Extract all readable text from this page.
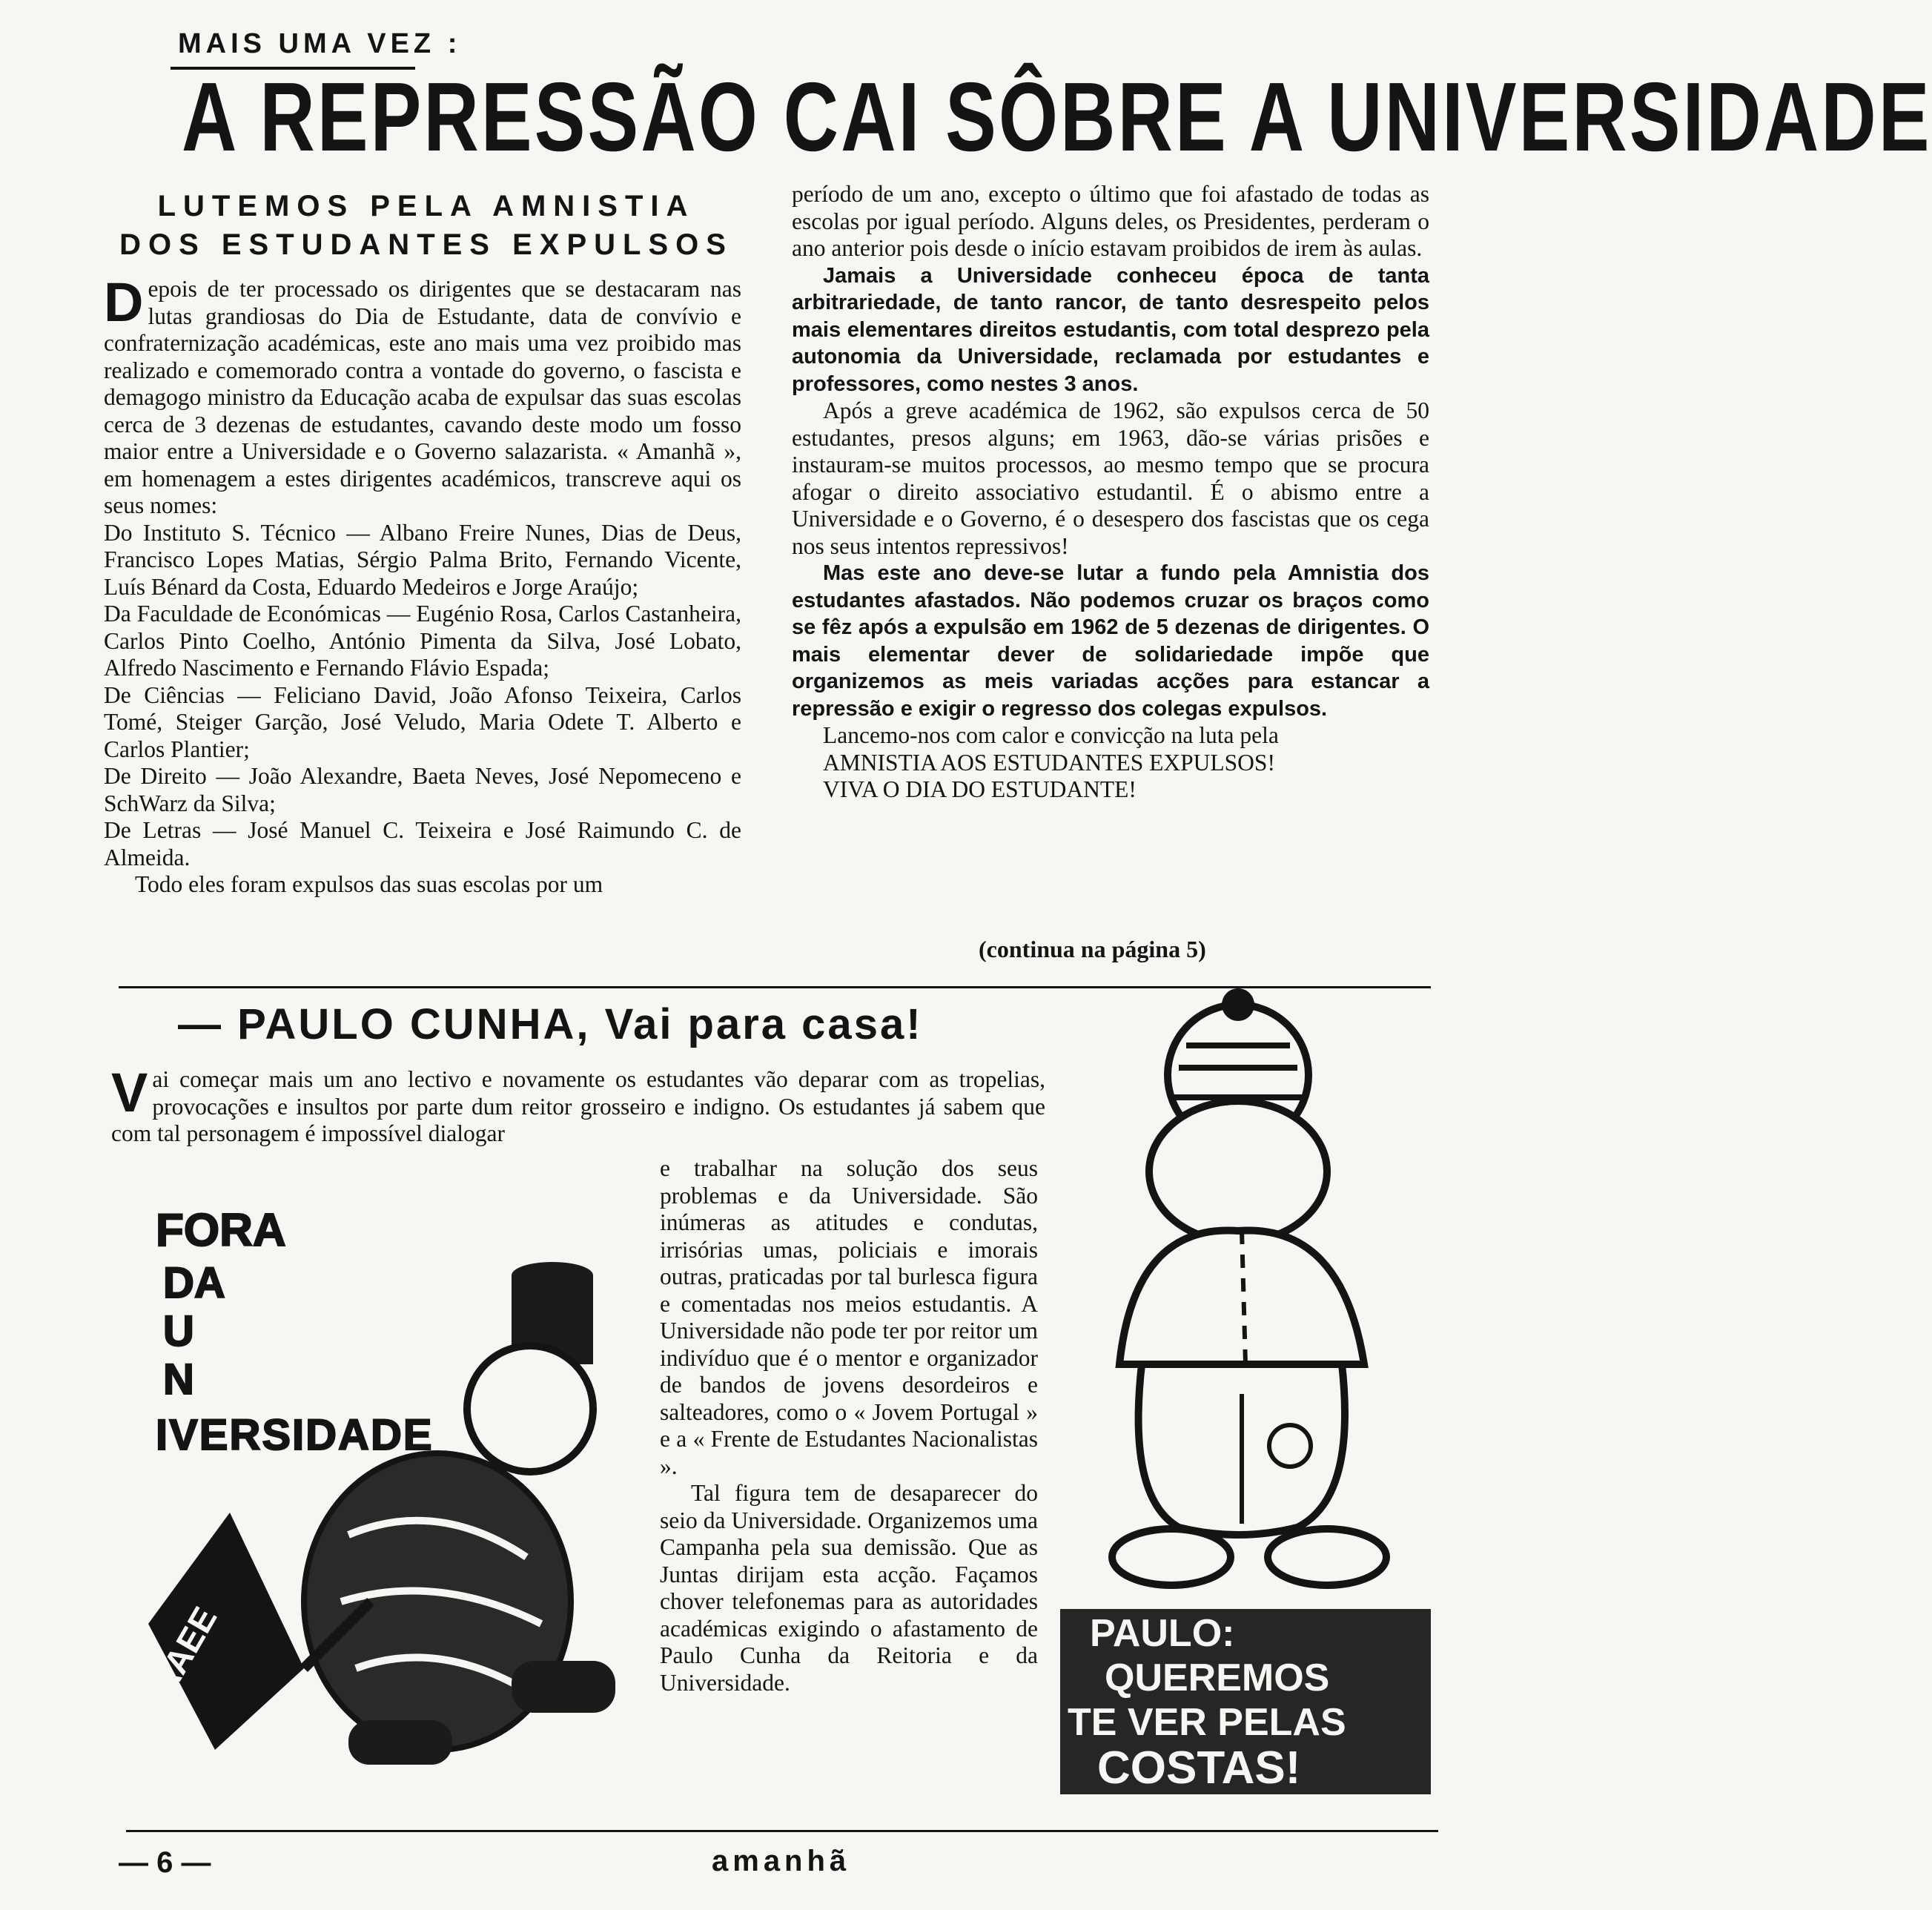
MAIS UMA VEZ :
A REPRESSÃO CAI SÔBRE A UNIVERSIDADE
LUTEMOS PELA AMNISTIA DOS ESTUDANTES EXPULSOS

Depois de ter processado os dirigentes que se destacaram nas lutas grandiosas do Dia de Estudante, data de convívio e confraternização académicas, este ano mais uma vez proibido mas realizado e comemorado contra a vontade do governo, o fascista e demagogo ministro da Educação acaba de expulsar das suas escolas cerca de 3 dezenas de estudantes, cavando deste modo um fosso maior entre a Universidade e o Governo salazarista. « Amanhã », em homenagem a estes dirigentes académicos, transcreve aqui os seus nomes:

Do Instituto S. Técnico — Albano Freire Nunes, Dias de Deus, Francisco Lopes Matias, Sérgio Palma Brito, Fernando Vicente, Luís Bénard da Costa, Eduardo Medeiros e Jorge Araújo;

Da Faculdade de Económicas — Eugénio Rosa, Carlos Castanheira, Carlos Pinto Coelho, António Pimenta da Silva, José Lobato, Alfredo Nascimento e Fernando Flávio Espada;

De Ciências — Feliciano David, João Afonso Teixeira, Carlos Tomé, Steiger Garção, José Veludo, Maria Odete T. Alberto e Carlos Plantier;

De Direito — João Alexandre, Baeta Neves, José Nepomeceno e SchWarz da Silva;

De Letras — José Manuel C. Teixeira e José Raimundo C. de Almeida.

Todo eles foram expulsos das suas escolas por um

período de um ano, excepto o último que foi afastado de todas as escolas por igual período. Alguns deles, os Presidentes, perderam o ano anterior pois desde o início estavam proibidos de irem às aulas.

Jamais a Universidade conheceu época de tanta arbitrariedade, de tanto rancor, de tanto desrespeito pelos mais elementares direitos estudantis, com total desprezo pela autonomia da Universidade, reclamada por estudantes e professores, como nestes 3 anos.

Após a greve académica de 1962, são expulsos cerca de 50 estudantes, presos alguns; em 1963, dão-se várias prisões e instauram-se muitos processos, ao mesmo tempo que se procura afogar o direito associativo estudantil. É o abismo entre a Universidade e o Governo, é o desespero dos fascistas que os cega nos seus intentos repressivos!

Mas este ano deve-se lutar a fundo pela Amnistia dos estudantes afastados. Não podemos cruzar os braços como se fêz após a expulsão em 1962 de 5 dezenas de dirigentes. O mais elementar dever de solidariedade impõe que organizemos as meis variadas acções para estancar a repressão e exigir o regresso dos colegas expulsos.

Lancemo-nos com calor e convicção na luta pela

AMNISTIA AOS ESTUDANTES EXPULSOS!

VIVA O DIA DO ESTUDANTE!

(continua na página 5)
— PAULO CUNHA, Vai para casa!

Vai começar mais um ano lectivo e novamente os estudantes vão deparar com as tropelias, provocações e insultos por parte dum reitor grosseiro e indigno. Os estudantes já sabem que com tal personagem é impossível dialogar

e trabalhar na solução dos seus problemas e da Universidade. São inúmeras as atitudes e condutas, irrisórias umas, policiais e imorais outras, praticadas por tal burlesca figura e comentadas nos meios estudantis. A Universidade não pode ter por reitor um indivíduo que é o mentor e organizador de bandos de jovens desordeiros e salteadores, como o « Jovem Portugal » e a « Frente de Estudantes Nacionalistas ».

Tal figura tem de desaparecer do seio da Universidade. Organizemos uma Campanha pela sua demissão. Que as Juntas dirijam esta acção. Façamos chover telefonemas para as autoridades académicas exigindo o afastamento de Paulo Cunha da Reitoria e da Universidade.

FORA
DA
U
N
IVERSIDADE
AAEE	PAULO:
QUEREMOS
TE VER PELAS
COSTAS!
— 6 —	amanhã
